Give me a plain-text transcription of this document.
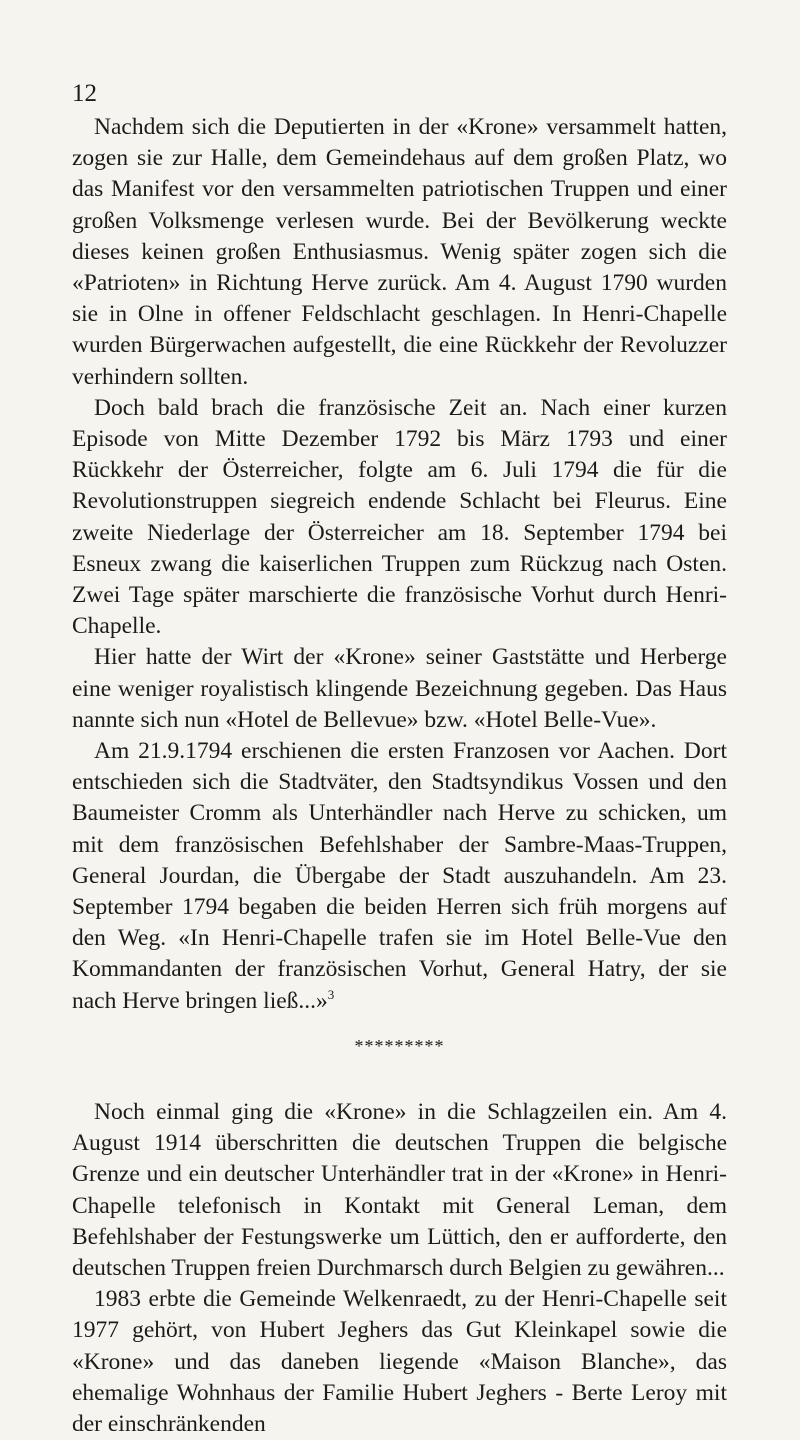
12

Nachdem sich die Deputierten in der «Krone» versammelt hatten, zogen sie zur Halle, dem Gemeindehaus auf dem großen Platz, wo das Manifest vor den versammelten patriotischen Truppen und einer großen Volksmenge verlesen wurde. Bei der Bevölkerung weckte dieses keinen großen Enthusiasmus. Wenig später zogen sich die «Patrioten» in Richtung Herve zurück. Am 4. August 1790 wurden sie in Olne in offener Feldschlacht geschlagen. In Henri-Chapelle wurden Bürgerwachen aufgestellt, die eine Rückkehr der Revoluzzer verhindern sollten.

Doch bald brach die französische Zeit an. Nach einer kurzen Episode von Mitte Dezember 1792 bis März 1793 und einer Rückkehr der Österreicher, folgte am 6. Juli 1794 die für die Revolutionstruppen siegreich endende Schlacht bei Fleurus. Eine zweite Niederlage der Österreicher am 18. September 1794 bei Esneux zwang die kaiserlichen Truppen zum Rückzug nach Osten. Zwei Tage später marschierte die französische Vorhut durch Henri-Chapelle.

Hier hatte der Wirt der «Krone» seiner Gaststätte und Herberge eine weniger royalistisch klingende Bezeichnung gegeben. Das Haus nannte sich nun «Hotel de Bellevue» bzw. «Hotel Belle-Vue».

Am 21.9.1794 erschienen die ersten Franzosen vor Aachen. Dort entschieden sich die Stadtväter, den Stadtsyndikus Vossen und den Baumeister Cromm als Unterhändler nach Herve zu schicken, um mit dem französischen Befehlshaber der Sambre-Maas-Truppen, General Jourdan, die Übergabe der Stadt auszuhandeln. Am 23. September 1794 begaben die beiden Herren sich früh morgens auf den Weg. «In Henri-Chapelle trafen sie im Hotel Belle-Vue den Kommandanten der französischen Vorhut, General Hatry, der sie nach Herve bringen ließ...»$^3$

*********

Noch einmal ging die «Krone» in die Schlagzeilen ein. Am 4. August 1914 überschritten die deutschen Truppen die belgische Grenze und ein deutscher Unterhändler trat in der «Krone» in Henri-Chapelle telefonisch in Kontakt mit General Leman, dem Befehlshaber der Festungswerke um Lüttich, den er aufforderte, den deutschen Truppen freien Durchmarsch durch Belgien zu gewähren...

1983 erbte die Gemeinde Welkenraedt, zu der Henri-Chapelle seit 1977 gehört, von Hubert Jeghers das Gut Kleinkapel sowie die «Krone» und das daneben liegende «Maison Blanche», das ehemalige Wohnhaus der Familie Hubert Jeghers - Berte Leroy mit der einschränkenden
